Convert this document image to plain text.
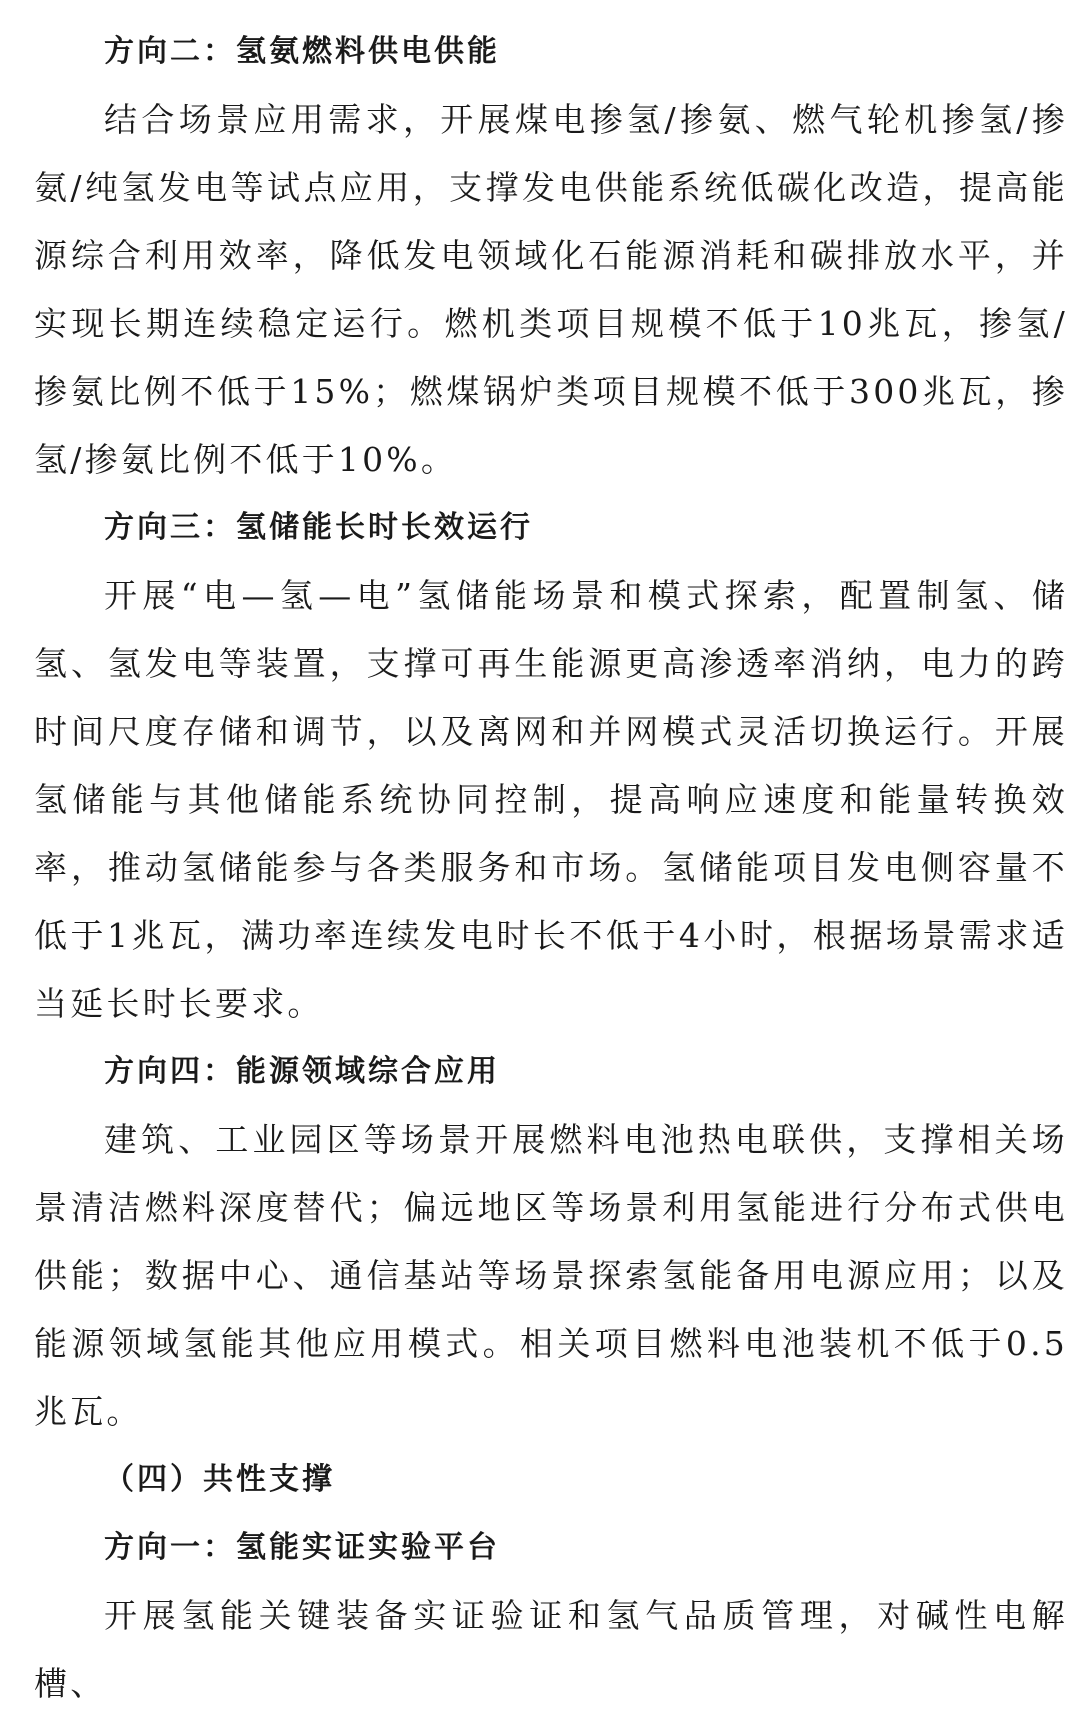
方向二：氢氨燃料供电供能

结合场景应用需求，开展煤电掺氢/掺氨、燃气轮机掺氢/掺氨/纯氢发电等试点应用，支撑发电供能系统低碳化改造，提高能源综合利用效率，降低发电领域化石能源消耗和碳排放水平，并实现长期连续稳定运行。燃机类项目规模不低于10兆瓦，掺氢/掺氨比例不低于15%；燃煤锅炉类项目规模不低于300兆瓦，掺氢/掺氨比例不低于10%。

方向三：氢储能长时长效运行

开展“电—氢—电”氢储能场景和模式探索，配置制氢、储氢、氢发电等装置，支撑可再生能源更高渗透率消纳，电力的跨时间尺度存储和调节，以及离网和并网模式灵活切换运行。开展氢储能与其他储能系统协同控制，提高响应速度和能量转换效率，推动氢储能参与各类服务和市场。氢储能项目发电侧容量不低于1兆瓦，满功率连续发电时长不低于4小时，根据场景需求适当延长时长要求。

方向四：能源领域综合应用

建筑、工业园区等场景开展燃料电池热电联供，支撑相关场景清洁燃料深度替代；偏远地区等场景利用氢能进行分布式供电供能；数据中心、通信基站等场景探索氢能备用电源应用；以及能源领域氢能其他应用模式。相关项目燃料电池装机不低于0.5兆瓦。

（四）共性支撑
方向一：氢能实证实验平台

开展氢能关键装备实证验证和氢气品质管理，对碱性电解槽、
